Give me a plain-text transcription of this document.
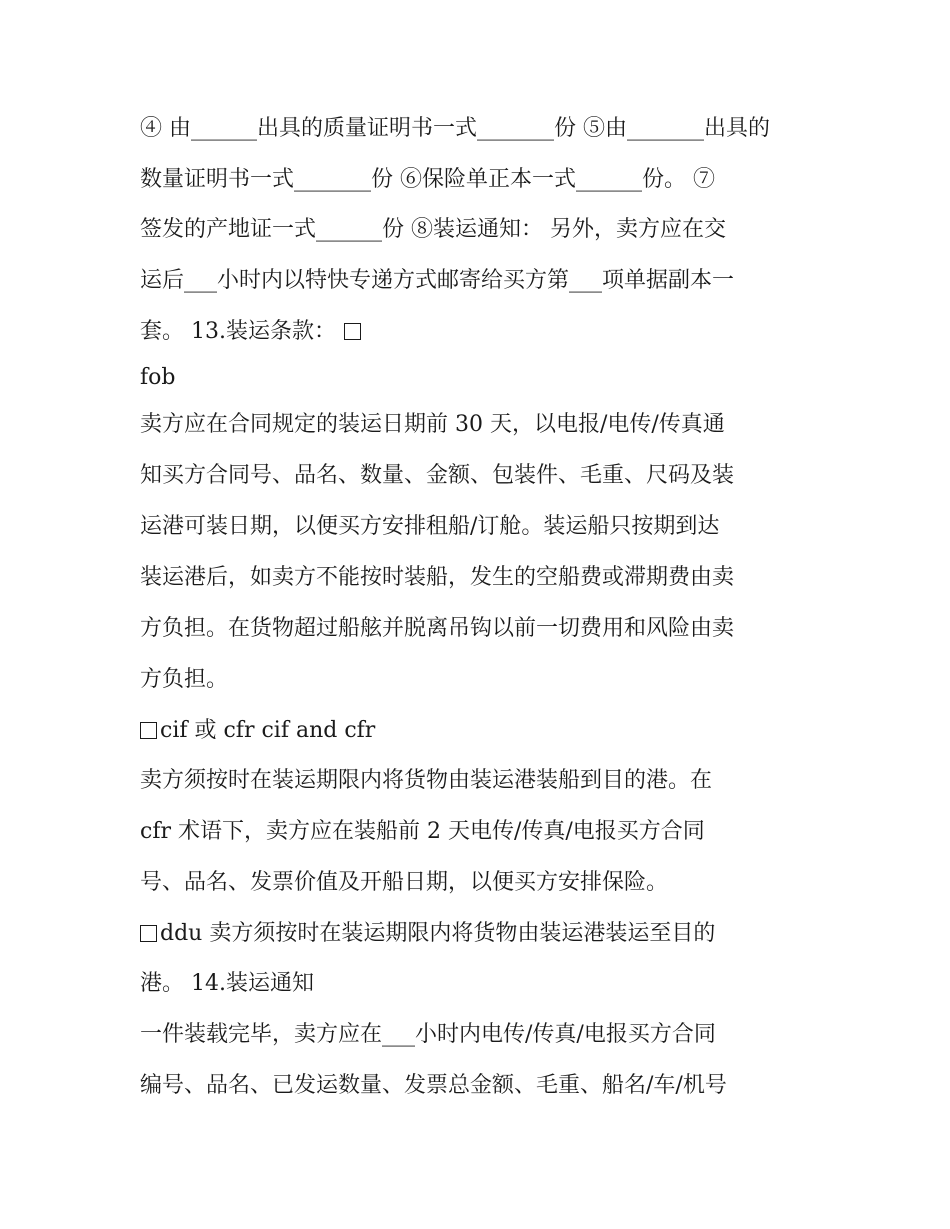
④ 由______出具的质量证明书一式_______份 ⑤由_______出具的

数量证明书一式_______份 ⑥保险单正本一式______份。 ⑦

签发的产地证一式______份 ⑧装运通知： 另外，卖方应在交

运后___小时内以特快专递方式邮寄给买方第___项单据副本一

套。 13.装运条款：

fob

卖方应在合同规定的装运日期前 30 天，以电报/电传/传真通

知买方合同号、品名、数量、金额、包装件、毛重、尺码及装

运港可装日期，以便买方安排租船/订舱。装运船只按期到达

装运港后，如卖方不能按时装船，发生的空船费或滞期费由卖

方负担。在货物超过船舷并脱离吊钩以前一切费用和风险由卖

方负担。

cif 或 cfr cif and cfr

卖方须按时在装运期限内将货物由装运港装船到目的港。在

cfr 术语下，卖方应在装船前 2 天电传/传真/电报买方合同

号、品名、发票价值及开船日期，以便买方安排保险。

ddu 卖方须按时在装运期限内将货物由装运港装运至目的

港。 14.装运通知

一件装载完毕，卖方应在___小时内电传/传真/电报买方合同

编号、品名、已发运数量、发票总金额、毛重、船名/车/机号
